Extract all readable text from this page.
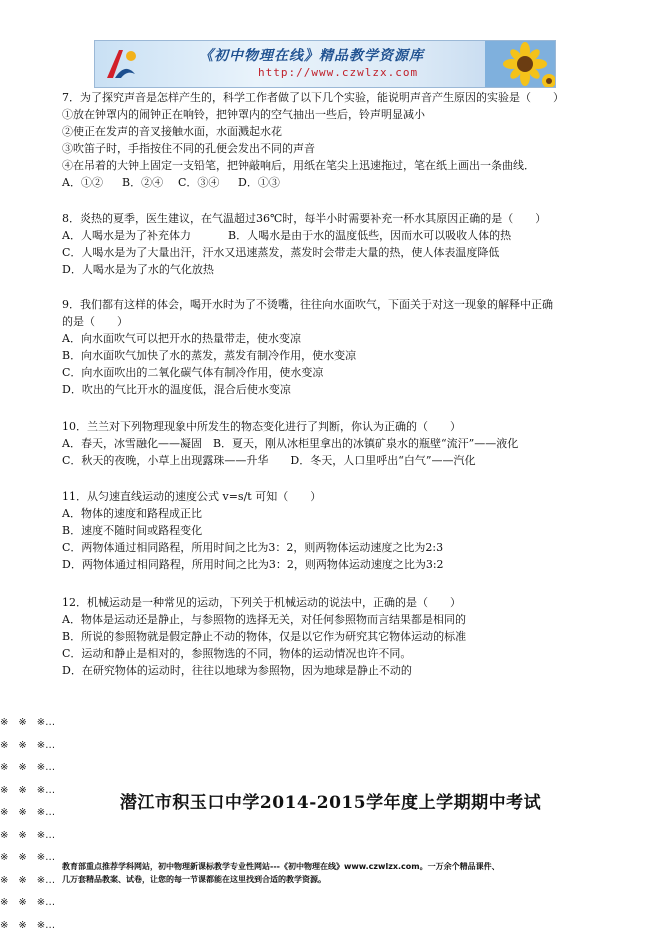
《初中物理在线》精品教学资源库
http://www.czwlzx.com
7．为了探究声音是怎样产生的，科学工作者做了以下几个实验，能说明声音产生原因的实验是（　　）
①放在钟罩内的闹钟正在响铃，把钟罩内的空气抽出一些后，铃声明显减小
②使正在发声的音叉接触水面，水面溅起水花
③吹笛子时，手指按住不同的孔便会发出不同的声音
④在吊着的大钟上固定一支铅笔，把钟敲响后，用纸在笔尖上迅速拖过，笔在纸上画出一条曲线．
A．①② B．②④ C．③④ D．①③
8．炎热的夏季，医生建议，在气温超过36℃时，每半小时需要补充一杯水其原因正确的是（　　）
A．人喝水是为了补充体力	B．人喝水是由于水的温度低些，因而水可以吸收人体的热
C．人喝水是为了大量出汗，汗水又迅速蒸发，蒸发时会带走大量的热，使人体表温度降低
D．人喝水是为了水的气化放热
9．我们都有这样的体会，喝开水时为了不烫嘴，往往向水面吹气，下面关于对这一现象的解释中正确
的是（　　）
A．向水面吹气可以把开水的热量带走，使水变凉
B．向水面吹气加快了水的蒸发，蒸发有制冷作用，使水变凉
C．向水面吹出的二氧化碳气体有制冷作用，使水变凉
D．吹出的气比开水的温度低，混合后使水变凉
10．兰兰对下列物理现象中所发生的物态变化进行了判断，你认为正确的（　　）
A．春天，冰雪融化——凝固　B．夏天，刚从冰柜里拿出的冰镇矿泉水的瓶壁“流汗”——液化
C．秋天的夜晚，小草上出现露珠——升华　　D．冬天，人口里呼出“白气”——汽化
11．从匀速直线运动的速度公式 v=s/t 可知（　　）
A．物体的速度和路程成正比
B．速度不随时间或路程变化
C．两物体通过相同路程，所用时间之比为3：2，则两物体运动速度之比为2:3
D．两物体通过相同路程，所用时间之比为3：2，则两物体运动速度之比为3:2
12．机械运动是一种常见的运动，下列关于机械运动的说法中，正确的是（　　）
A．物体是运动还是静止，与参照物的选择无关，对任何参照物而言结果都是相同的
B．所说的参照物就是假定静止不动的物体，仅是以它作为研究其它物体运动的标准
C．运动和静止是相对的，参照物选的不同，物体的运动情况也许不同。
D．在研究物体的运动时，往往以地球为参照物，因为地球是静止不动的
※　※　※…
※　※　※…
※　※　※…
※　※　※…
※　※　※…
※　※　※…
※　※　※…
※　※　※…
※　※　※…
※　※　※…
潜江市积玉口中学2014-2015学年度上学期期中考试
教育部重点推荐学科网站，初中物理新课标教学专业性网站---《初中物理在线》www.czwlzx.com。一万余个精品课件、
几万套精品教案、试卷，让您的每一节课都能在这里找到合适的教学资源。
